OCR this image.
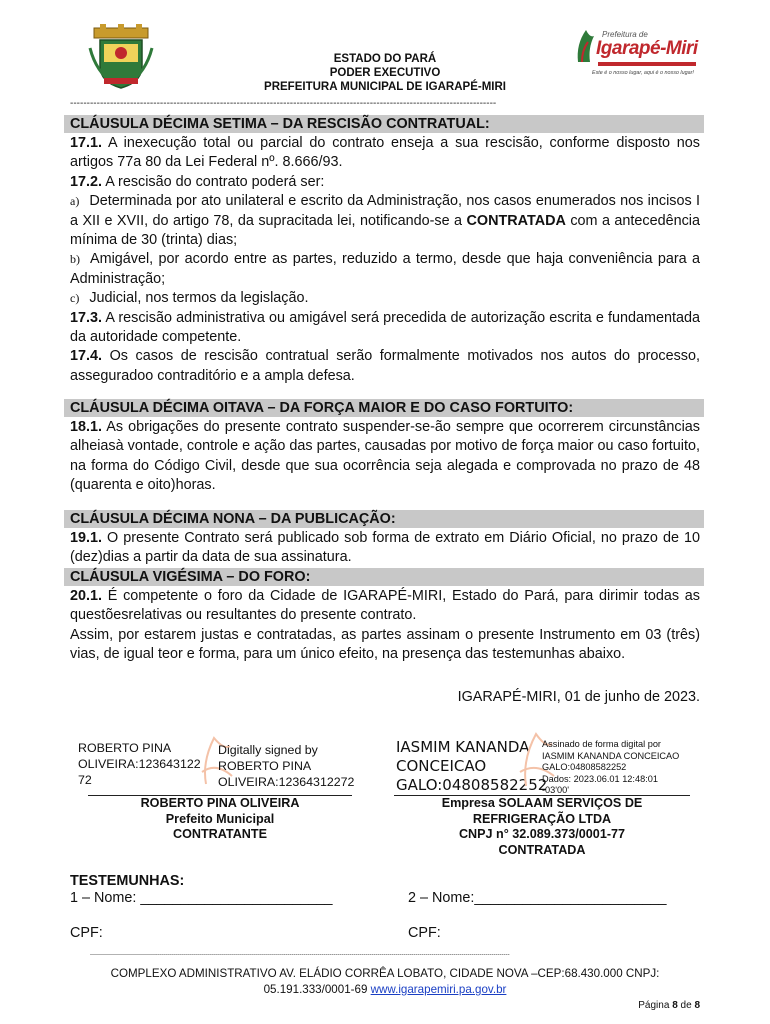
ESTADO DO PARÁ
PODER EXECUTIVO
PREFEITURA MUNICIPAL DE IGARAPÉ-MIRI
Prefeitura de
Igarapé-Miri
Este é o nosso lugar, aqui é o nosso lugar!
--------------------------------------------------------------------------------------------------------------------------------
CLÁUSULA DÉCIMA SETIMA – DA RESCISÃO CONTRATUAL:
17.1. A inexecução total ou parcial do contrato enseja a sua rescisão, conforme disposto nos artigos 77a 80 da Lei Federal nº. 8.666/93.
17.2. A rescisão do contrato poderá ser:
a) Determinada por ato unilateral e escrito da Administração, nos casos enumerados nos incisos I a XII e XVII, do artigo 78, da supracitada lei, notificando-se a CONTRATADA com a antecedência mínima de 30 (trinta) dias;
b) Amigável, por acordo entre as partes, reduzido a termo, desde que haja conveniência para a Administração;
c) Judicial, nos termos da legislação.
17.3. A rescisão administrativa ou amigável será precedida de autorização escrita e fundamentada da autoridade competente.
17.4. Os casos de rescisão contratual serão formalmente motivados nos autos do processo, asseguradoo contraditório e a ampla defesa.
CLÁUSULA DÉCIMA OITAVA – DA FORÇA MAIOR E DO CASO FORTUITO:
18.1. As obrigações do presente contrato suspender-se-ão sempre que ocorrerem circunstâncias alheiasà vontade, controle e ação das partes, causadas por motivo de força maior ou caso fortuito, na forma do Código Civil, desde que sua ocorrência seja alegada e comprovada no prazo de 48 (quarenta e oito)horas.
CLÁUSULA DÉCIMA NONA – DA PUBLICAÇÃO:
19.1. O presente Contrato será publicado sob forma de extrato em Diário Oficial, no prazo de 10 (dez)dias a partir da data de sua assinatura.
CLÁUSULA VIGÉSIMA – DO FORO:
20.1. É competente o foro da Cidade de IGARAPÉ-MIRI, Estado do Pará, para dirimir todas as questõesrelativas ou resultantes do presente contrato.
Assim, por estarem justas e contratadas, as partes assinam o presente Instrumento em 03 (três) vias, de igual teor e forma, para um único efeito, na presença das testemunhas abaixo.
IGARAPÉ-MIRI, 01 de junho de 2023.
ROBERTO PINA
OLIVEIRA:123643122
72
Digitally signed by
ROBERTO PINA
OLIVEIRA:12364312272
ROBERTO PINA OLIVEIRA
Prefeito Municipal
CONTRATANTE
IASMIM KANANDA
CONCEICAO
GALO:04808582252
Assinado de forma digital por
IASMIM KANANDA CONCEICAO
GALO:04808582252
Dados: 2023.06.01 12:48:01
-03'00'
Empresa SOLAAM SERVIÇOS DE
REFRIGERAÇÃO LTDA
CNPJ n° 32.089.373/0001-77
CONTRATADA
TESTEMUNHAS:
1 – Nome: ________________________	2 – Nome:________________________
CPF:	CPF:
------------------------------------------------------------------------------------------------------------------------------------------------------------------------------------------------------------------
COMPLEXO ADMINISTRATIVO AV. ELÁDIO CORRÊA LOBATO, CIDADE NOVA –CEP:68.430.000 CNPJ:
05.191.333/0001-69 www.igarapemiri.pa.gov.br
Página 8 de 8
